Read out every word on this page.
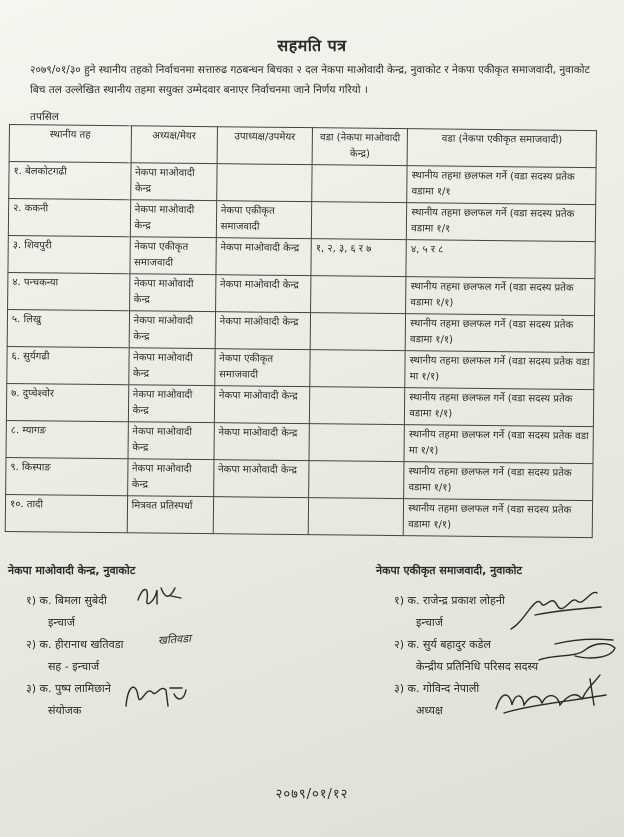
सहमति पत्र
२०७९/०१/३० हुने स्थानीय तहको निर्वाचनमा सत्तारुढ गठबन्धन बिचका २ दल नेकपा माओवादी केन्द्र, नुवाकोट र नेकपा एकीकृत समाजवादी, नुवाकोट बिच तल उल्लेखित स्थानीय तहमा सयुक्त उम्मेदवार बनाएर निर्वाचनमा जाने निर्णय गरियो ।
तपसिल
स्थानीय तह	अध्यक्ष/मेयर	उपाध्यक्ष/उपमेयर	वडा (नेकपा माओवादी केन्द्र)	वडा (नेकपा एकीकृत समाजवादी)
१. बेलकोटगढी	नेकपा माओवादी केन्द्र			स्थानीय तहमा छलफल गर्ने (वडा सदस्य प्रतेक वडामा १/१
२. ककनी	नेकपा माओवादी केन्द्र	नेकपा एकीकृत समाजवादी		स्थानीय तहमा छलफल गर्ने (वडा सदस्य प्रतेक वडामा १/१
३. शिवपुरी	नेकपा एकीकृत समाजवादी	नेकपा माओवादी केन्द्र	१, २, ३, ६ र ७	४, ५ र ८
४. पन्चकन्या	नेकपा माओवादी केन्द्र	नेकपा माओवादी केन्द्र		स्थानीय तहमा छलफल गर्ने (वडा सदस्य प्रतेक वडामा १/१)
५. लिखु	नेकपा माओवादी केन्द्र	नेकपा माओवादी केन्द्र		स्थानीय तहमा छलफल गर्ने (वडा सदस्य प्रतेक वडामा १/१)
६. सुर्यगढी	नेकपा माओवादी केन्द्र	नेकपा एकीकृत समाजवादी		स्थानीय तहमा छलफल गर्ने (वडा सदस्य प्रतेक वडा मा १/१)
७. दुप्चेश्वोर	नेकपा माओवादी केन्द्र	नेकपा माओवादी केन्द्र		स्थानीय तहमा छलफल गर्ने (वडा सदस्य प्रतेक वडामा १/१)
८. म्यागङ	नेकपा माओवादी केन्द्र	नेकपा माओवादी केन्द्र		स्थानीय तहमा छलफल गर्ने (वडा सदस्य प्रतेक वडा मा १/१)
९. किस्पाङ	नेकपा माओवादी केन्द्र	नेकपा माओवादी केन्द्र		स्थानीय तहमा छलफल गर्ने (वडा सदस्य प्रतेक वडामा १/१)
१०. तादी	मित्रवत प्रतिस्पर्धा			स्थानीय तहमा छलफल गर्ने (वडा सदस्य प्रतेक वडामा १/१)
नेकपा माओवादी केन्द्र, नुवाकोट
१) क. बिमला सुबेदी
इन्चार्ज
२) क. हीरानाथ खतिवडा
सह - इन्चार्ज
३) क. पुष्प लामिछाने
संयोजक
नेकपा एकीकृत समाजवादी, नुवाकोट
१) क. राजेन्द्र प्रकाश लोहनी
इन्चार्ज
२) क. सुर्य बहादुर कडेल
केन्द्रीय प्रतिनिधि परिसद सदस्य
३) क. गोविन्द नेपाली
अध्यक्ष
खतिवडा
२०७९/०१/१२
